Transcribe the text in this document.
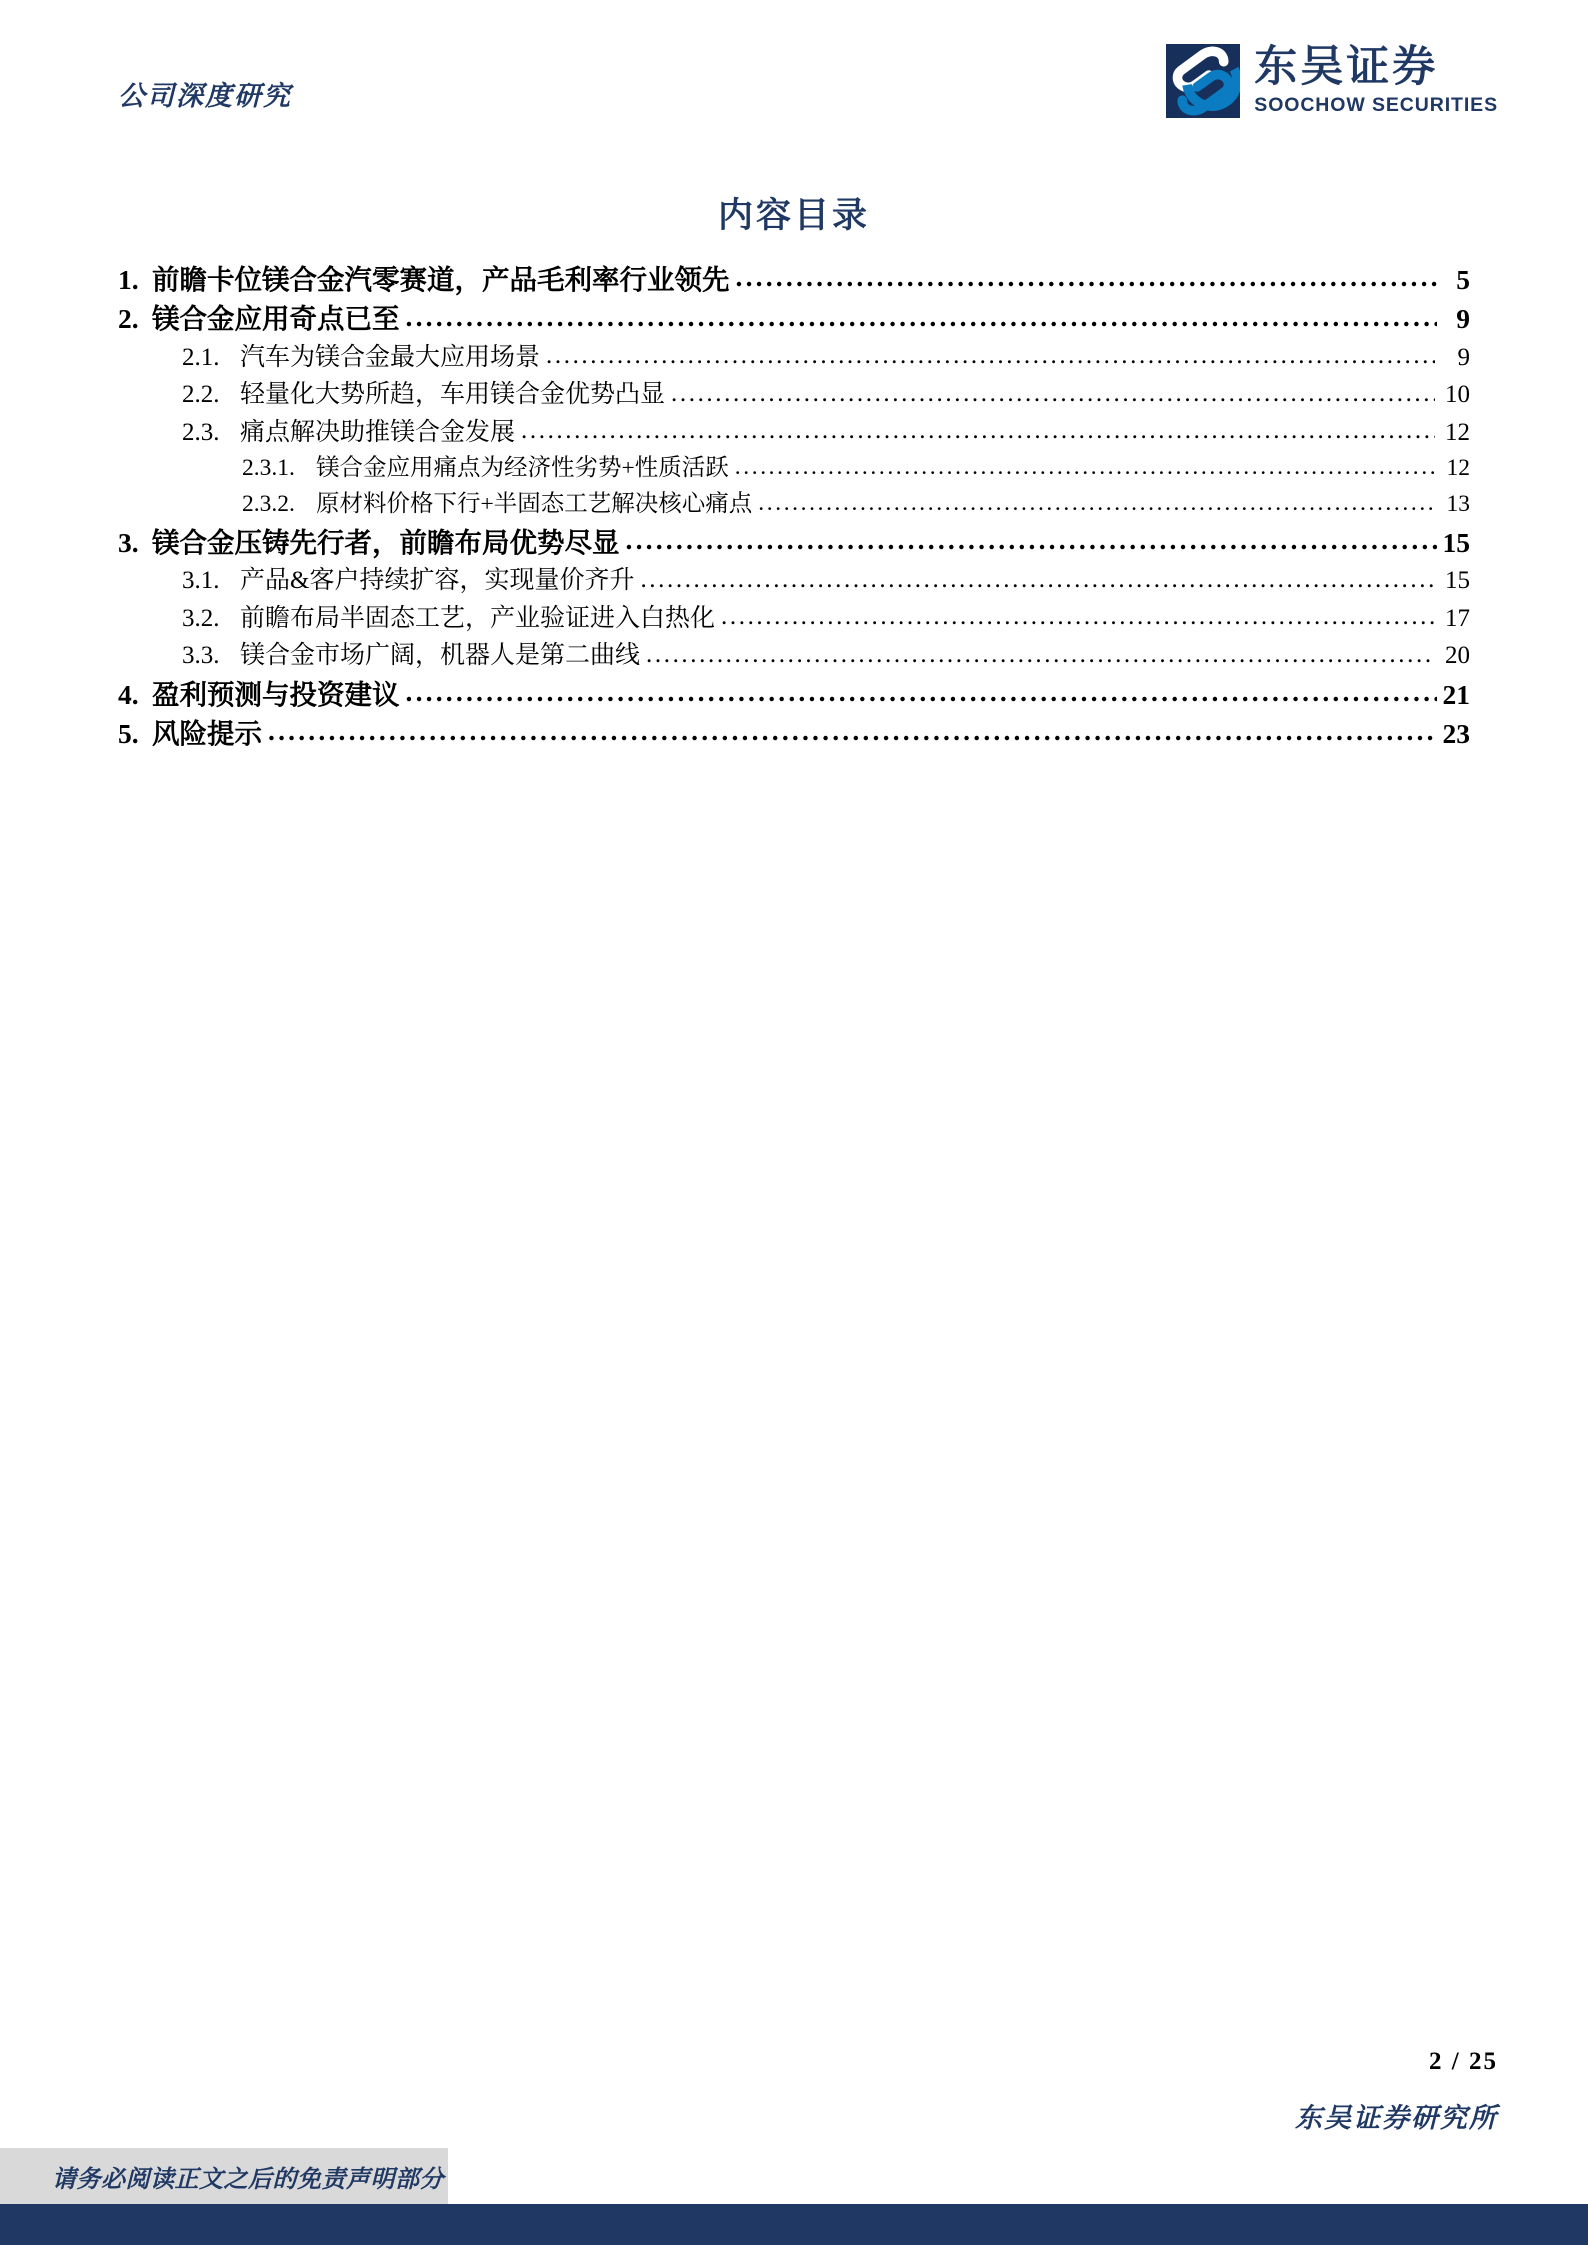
公司深度研究
东吴证券
SOOCHOW SECURITIES
内容目录
1. 前瞻卡位镁合金汽零赛道，产品毛利率行业领先 .....	5
2. 镁合金应用奇点已至 .....	9
2.1. 汽车为镁合金最大应用场景 .....	9
2.2. 轻量化大势所趋，车用镁合金优势凸显 .....	10
2.3. 痛点解决助推镁合金发展 .....	12
2.3.1. 镁合金应用痛点为经济性劣势+性质活跃 .....	12
2.3.2. 原材料价格下行+半固态工艺解决核心痛点 .....	13
3. 镁合金压铸先行者，前瞻布局优势尽显 .....	15
3.1. 产品&客户持续扩容，实现量价齐升 .....	15
3.2. 前瞻布局半固态工艺，产业验证进入白热化 .....	17
3.3. 镁合金市场广阔，机器人是第二曲线 .....	20
4. 盈利预测与投资建议 .....	21
5. 风险提示 .....	23
2 / 25
东吴证券研究所
请务必阅读正文之后的免责声明部分
